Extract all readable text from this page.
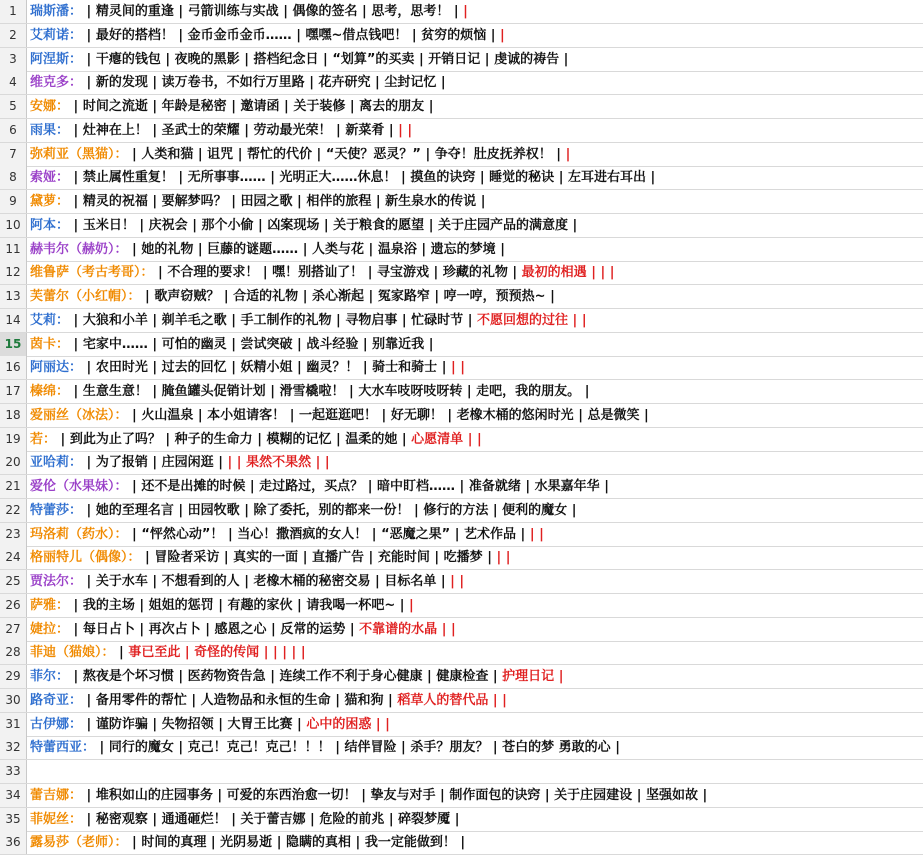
1	瑞斯潘： | 精灵间的重逢 | 弓箭训练与实战 | 偶像的签名 | 思考，思考！ | |
2	艾莉诺： | 最好的搭档！ | 金币金币金币…… | 嘿嘿~借点钱吧！ | 贫穷的烦恼 | |
3	阿涅斯： | 干瘪的钱包 | 夜晚的黑影 | 搭档纪念日 | “划算”的买卖 | 开销日记 | 虔诚的祷告 |
4	维克多： | 新的发现 | 读万卷书，不如行万里路 | 花卉研究 | 尘封记忆 |
5	安娜： | 时间之流逝 | 年龄是秘密 | 邀请函 | 关于装修 | 离去的朋友 |
6	雨果： | 灶神在上！ | 圣武士的荣耀 | 劳动最光荣！ | 新菜肴 | | |
7	弥莉亚（黑猫）： | 人类和猫 | 诅咒 | 帮忙的代价 | “天使？恶灵？” | 争夺！肚皮抚养权！ | |
8	索娅： | 禁止属性重复！ | 无所事事…… | 光明正大……休息！ | 摸鱼的诀窍 | 睡觉的秘诀 | 左耳进右耳出 |
9	黛萝： | 精灵的祝福 | 要解梦吗？ | 田园之歌 | 相伴的旅程 | 新生泉水的传说 |
10 阿本： | 玉米日！ | 庆祝会 | 那个小偷 | 凶案现场 | 关于粮食的愿望 | 关于庄园产品的满意度 |
11 赫韦尔（赫奶）： | 她的礼物 | 巨藤的谜题…… | 人类与花 | 温泉浴 | 遗忘的梦境 |
12 维鲁萨（考古考哥）： | 不合理的要求！ | 嘿！别搭讪了！ | 寻宝游戏 | 珍藏的礼物 | 最初的相遇 | | |
13 芙蕾尔（小红帽）： | 歌声窃贼？ | 合适的礼物 | 杀心渐起 | 冤家路窄 | 哼一哼，预预热~ |
14 艾莉： | 大狼和小羊 | 剃羊毛之歌 | 手工制作的礼物 | 寻物启事 | 忙碌时节 | 不愿回想的过往 | |
15 茵卡： | 宅家中…… | 可怕的幽灵 | 尝试突破 | 战斗经验 | 别靠近我 |
16 阿丽达： | 农田时光 | 过去的回忆 | 妖精小姐 | 幽灵？！ | 骑士和骑士 | | |
17 榛绵： | 生意生意！ | 腌鱼罐头促销计划 | 滑雪橇啦！ | 大水车吱呀吱呀转 | 走吧，我的朋友。 |
18 爱丽丝（冰法）： | 火山温泉 | 本小姐请客！ | 一起逛逛吧！ | 好无聊！ | 老橡木桶的悠闲时光 | 总是微笑 |
19 若： | 到此为止了吗？ | 种子的生命力 | 模糊的记忆 | 温柔的她 | 心愿清单 | |
20 亚哈莉： | 为了报销 | 庄园闲逛 | | | 果然不果然 | |
21 爱伦（水果妹）： | 还不是出摊的时候 | 走过路过，买点？ | 暗中盯档…… | 准备就绪 | 水果嘉年华 |
22 特蕾莎： | 她的至理名言 | 田园牧歌 | 除了委托，别的都来一份！ | 修行的方法 | 便利的魔女 |
23 玛洛莉（药水）： | “怦然心动”！ | 当心！撒酒疯的女人！ | “恶魔之果” | 艺术作品 | | |
24 格丽特儿（偶像）： | 冒险者采访 | 真实的一面 | 直播广告 | 充能时间 | 吃播梦 | | |
25 贾法尔： | 关于水车 | 不想看到的人 | 老橡木桶的秘密交易 | 目标名单 | | |
26 萨雅： | 我的主场 | 姐姐的惩罚 | 有趣的家伙 | 请我喝一杯吧~ | |
27 婕拉： | 每日占卜 | 再次占卜 | 感恩之心 | 反常的运势 | 不靠谱的水晶 | |
28 菲迪（猫娘）： | 事已至此 | 奇怪的传闻 | | | | |
29 菲尔： | 熬夜是个坏习惯 | 医药物资告急 | 连续工作不利于身心健康 | 健康检查 | 护理日记 |
30 路奇亚： | 备用零件的帮忙 | 人造物品和永恒的生命 | 猫和狗 | 稻草人的替代品 | |
31 古伊娜： | 谨防诈骗 | 失物招领 | 大胃王比赛 | 心中的困惑 | |
32 特蕾西亚： | 同行的魔女 | 克己！克己！克己！！！ | 结伴冒险 | 杀手？朋友？ | 苍白的梦 勇敢的心 |
33
34 蕾吉娜： | 堆积如山的庄园事务 | 可爱的东西治愈一切！ | 挚友与对手 | 制作面包的诀窍 | 关于庄园建设 | 坚强如故 |
35 菲妮丝： | 秘密观察 | 通通砸烂！ | 关于蕾吉娜 | 危险的前兆 | 碎裂梦魇 |
36 露易莎（老师）： | 时间的真理 | 光阴易逝 | 隐瞒的真相 | 我一定能做到！ |
